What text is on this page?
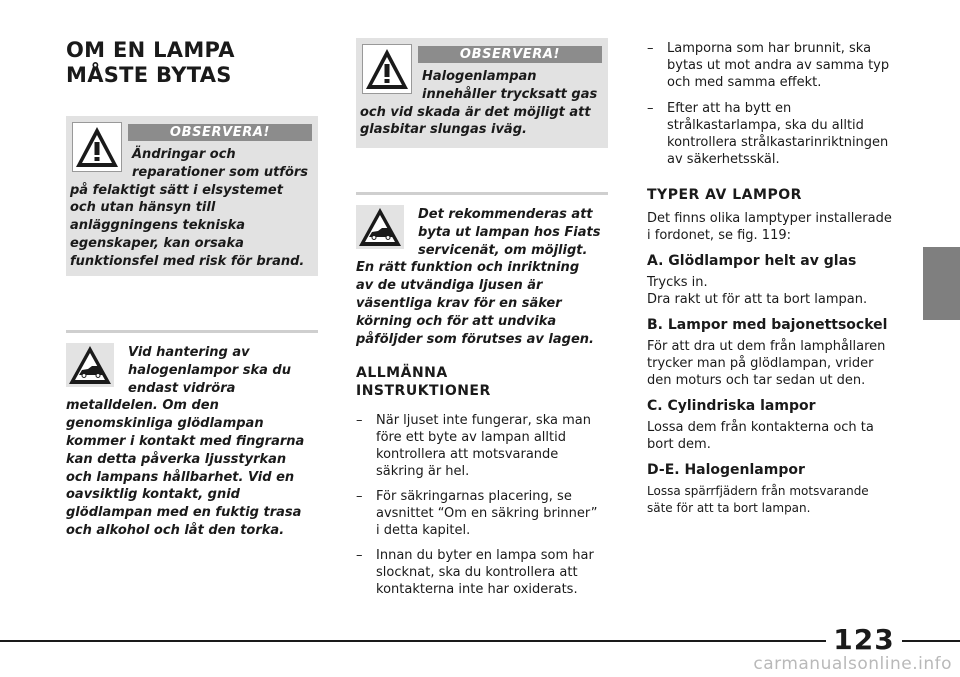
OM EN LAMPA
MÅSTE BYTAS
OBSERVERA!
Ändringar och
reparationer som utförs
på felaktigt sätt i elsystemet
och utan hänsyn till
anläggningens tekniska
egenskaper, kan orsaka
funktionsfel med risk för brand.
Vid hantering av
halogenlampor ska du
endast vidröra
metalldelen. Om den
genomskinliga glödlampan
kommer i kontakt med fingrarna
kan detta påverka ljusstyrkan
och lampans hållbarhet. Vid en
oavsiktlig kontakt, gnid
glödlampan med en fuktig trasa
och alkohol och låt den torka.
OBSERVERA!
Halogenlampan
innehåller trycksatt gas
och vid skada är det möjligt att
glasbitar slungas iväg.
Det rekommenderas att
byta ut lampan hos Fiats
servicenät, om möjligt.
En rätt funktion och inriktning
av de utvändiga ljusen är
väsentliga krav för en säker
körning och för att undvika
påföljder som förutses av lagen.
ALLMÄNNA
INSTRUKTIONER
– När ljuset inte fungerar, ska man
före ett byte av lampan alltid
kontrollera att motsvarande
säkring är hel.
– För säkringarnas placering, se
avsnittet “Om en säkring brinner”
i detta kapitel.
– Innan du byter en lampa som har
slocknat, ska du kontrollera att
kontakterna inte har oxiderats.
– Lamporna som har brunnit, ska
bytas ut mot andra av samma typ
och med samma effekt.
– Efter att ha bytt en
strålkastarlampa, ska du alltid
kontrollera strålkastarinriktningen
av säkerhetsskäl.
TYPER AV LAMPOR
Det finns olika lamptyper installerade
i fordonet, se fig. 119:
A. Glödlampor helt av glas
Trycks in.
Dra rakt ut för att ta bort lampan.
B. Lampor med bajonettsockel
För att dra ut dem från lamphållaren
trycker man på glödlampan, vrider
den moturs och tar sedan ut den.
C. Cylindriska lampor
Lossa dem från kontakterna och ta
bort dem.
D-E. Halogenlampor
Lossa spärrfjädern från motsvarande
säte för att ta bort lampan.
123
carmanualsonline.info
